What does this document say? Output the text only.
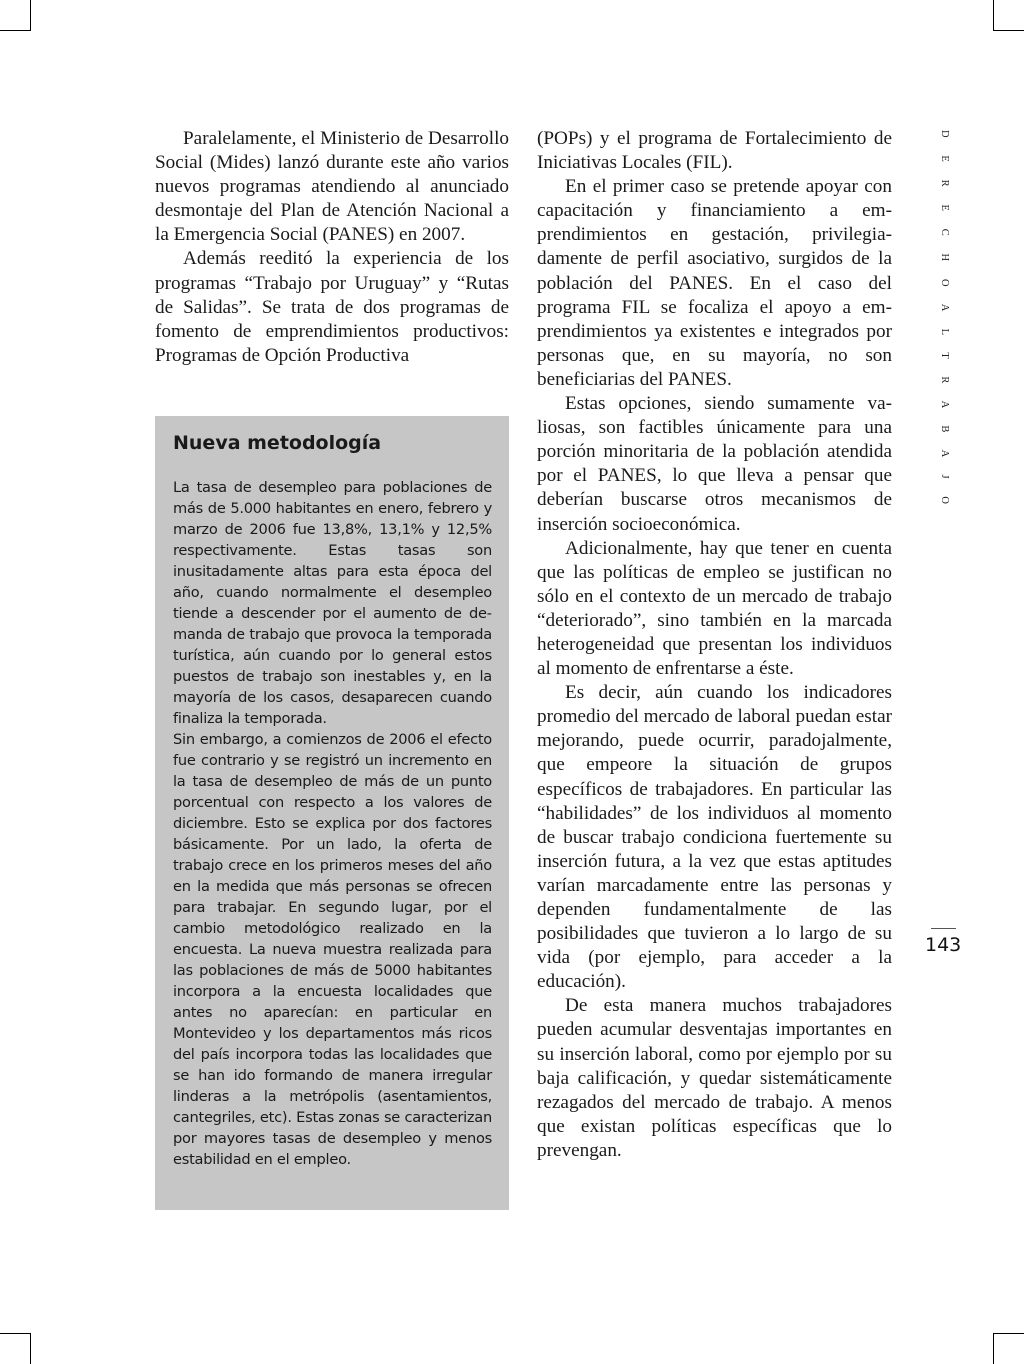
Paralelamente, el Ministerio de Desarrollo Social (Mides) lanzó durante este año varios nuevos programas atendiendo al anunciado desmontaje del Plan de Atención Nacional a la Emergencia Social (PANES) en 2007.

Además reeditó la experiencia de los programas “Trabajo por Uruguay” y “Rutas de Salidas”. Se trata de dos programas de fomento de emprendimientos productivos: Programas de Opción Productiva

Nueva metodología

La tasa de desempleo para poblaciones de más de 5.000 habitantes en enero, febrero y marzo de 2006 fue 13,8%, 13,1% y 12,5% respectivamente. Estas tasas son inusitadamente altas para esta época del año, cuando normalmente el desempleo tiende a descender por el aumento de demanda de trabajo que provoca la temporada turística, aún cuando por lo general estos puestos de trabajo son inestables y, en la mayoría de los casos, desaparecen cuando finaliza la temporada.

Sin embargo, a comienzos de 2006 el efecto fue contrario y se registró un incremento en la tasa de desempleo de más de un punto porcentual con respecto a los valores de diciembre. Esto se explica por dos factores básicamente. Por un lado, la oferta de trabajo crece en los primeros meses del año en la medida que más personas se ofrecen para trabajar. En segundo lugar, por el cambio metodológico realizado en la encuesta. La nueva muestra realizada para las poblaciones de más de 5000 habitantes incorpora a la encuesta localidades que antes no aparecían: en particular en Montevideo y los departamentos más ricos del país incorpora todas las localidades que se han ido formando de manera irregular linderas a la metrópolis (asentamientos, cantegriles, etc). Estas zonas se caracterizan por mayores tasas de desempleo y menos estabilidad en el empleo.

(POPs) y el programa de Fortalecimiento de Iniciativas Locales (FIL).

En el primer caso se pretende apoyar con capacitación y financiamiento a emprendimientos en gestación, privilegiadamente de perfil asociativo, surgidos de la población del PANES. En el caso del programa FIL se focaliza el apoyo a emprendimientos ya existentes e integrados por personas que, en su mayoría, no son beneficiarias del PANES.

Estas opciones, siendo sumamente valiosas, son factibles únicamente para una porción minoritaria de la población atendida por el PANES, lo que lleva a pensar que deberían buscarse otros mecanismos de inserción socioeconómica.

Adicionalmente, hay que tener en cuenta que las políticas de empleo se justifican no sólo en el contexto de un mercado de trabajo “deteriorado”, sino también en la marcada heterogeneidad que presentan los individuos al momento de enfrentarse a éste.

Es decir, aún cuando los indicadores promedio del mercado de laboral puedan estar mejorando, puede ocurrir, paradojalmente, que empeore la situación de grupos específicos de trabajadores. En particular las “habilidades” de los individuos al momento de buscar trabajo condiciona fuertemente su inserción futura, a la vez que estas aptitudes varían marcadamente entre las personas y dependen fundamentalmente de las posibilidades que tuvieron a lo largo de su vida (por ejemplo, para acceder a la educación).

De esta manera muchos trabajadores pueden acumular desventajas importantes en su inserción laboral, como por ejemplo por su baja calificación, y quedar sistemáticamente rezagados del mercado de trabajo. A menos que existan políticas específicas que lo prevengan.

D E R E C H O A L T R A B A J O
143
